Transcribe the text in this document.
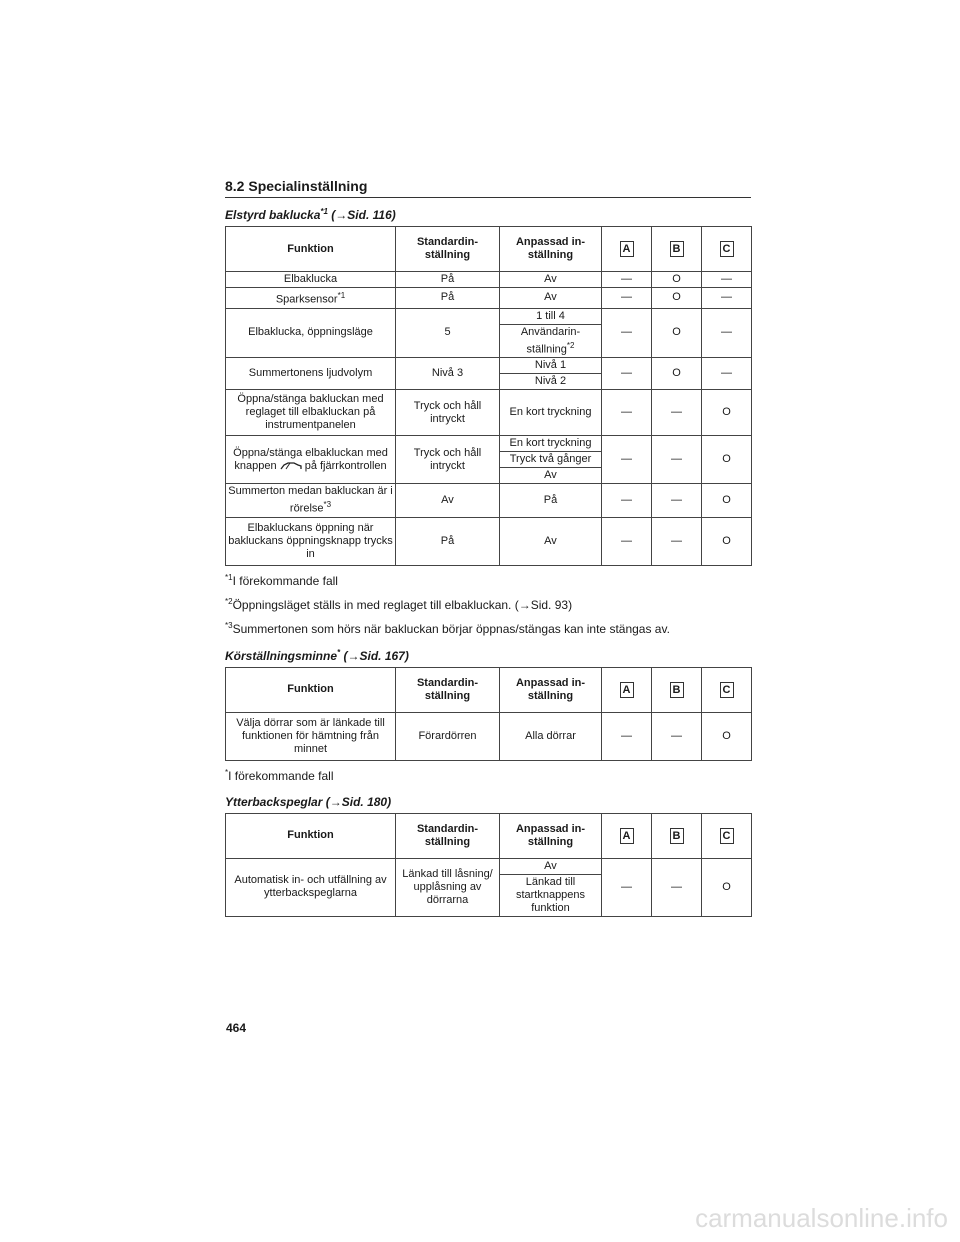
8.2 Specialinställning
Elstyrd baklucka$^{*1}$ (→Sid. 116)
Funktion	Standardin-ställning	Anpassad in-ställning	A	B	C
Elbaklucka	På	Av	—	O	—
Sparksensor$^{*1}$	På	Av	—	O	—
Elbaklucka, öppningsläge	5	1 till 4	—	O	—
		Användarin-ställning$^{*2}$
Summertonens ljudvolym	Nivå 3	Nivå 1	—	O	—
		Nivå 2			
Öppna/stänga bakluckan med reglaget till elbakluckan på instrumentpanelen	Tryck och håll intryckt	En kort tryckning	—	—	O
Öppna/stänga elbakluckan med knappen på fjärrkontrollen	Tryck och håll intryckt	En kort tryckning	—	—	O
		Tryck två gånger			
		Av			
Summerton medan bakluckan är i rörelse$^{*3}$	Av	På	—	—	O
Elbakluckans öppning när bakluckans öppningsknapp trycks in	På	Av	—	—	O
$^{*1}$I förekommande fall
$^{*2}$Öppningsläget ställs in med reglaget till elbakluckan. (→Sid. 93)
$^{*3}$Summertonen som hörs när bakluckan börjar öppnas/stängas kan inte stängas av.
Körställningsminne* (→Sid. 167)
Funktion	Standardin-ställning	Anpassad in-ställning	A	B	C
Välja dörrar som är länkade till funktionen för hämtning från minnet	Förardörren	Alla dörrar	—	—	O
*I förekommande fall
Ytterbackspeglar (→Sid. 180)
Funktion	Standardin-ställning	Anpassad in-ställning	A	B	C
Automatisk in- och utfällning av ytterbackspeglarna	Länkad till låsning/ upplåsning av dörrarna	Av	—	—	O
		Länkad till startknappens funktion			
464
carmanualsonline.info
